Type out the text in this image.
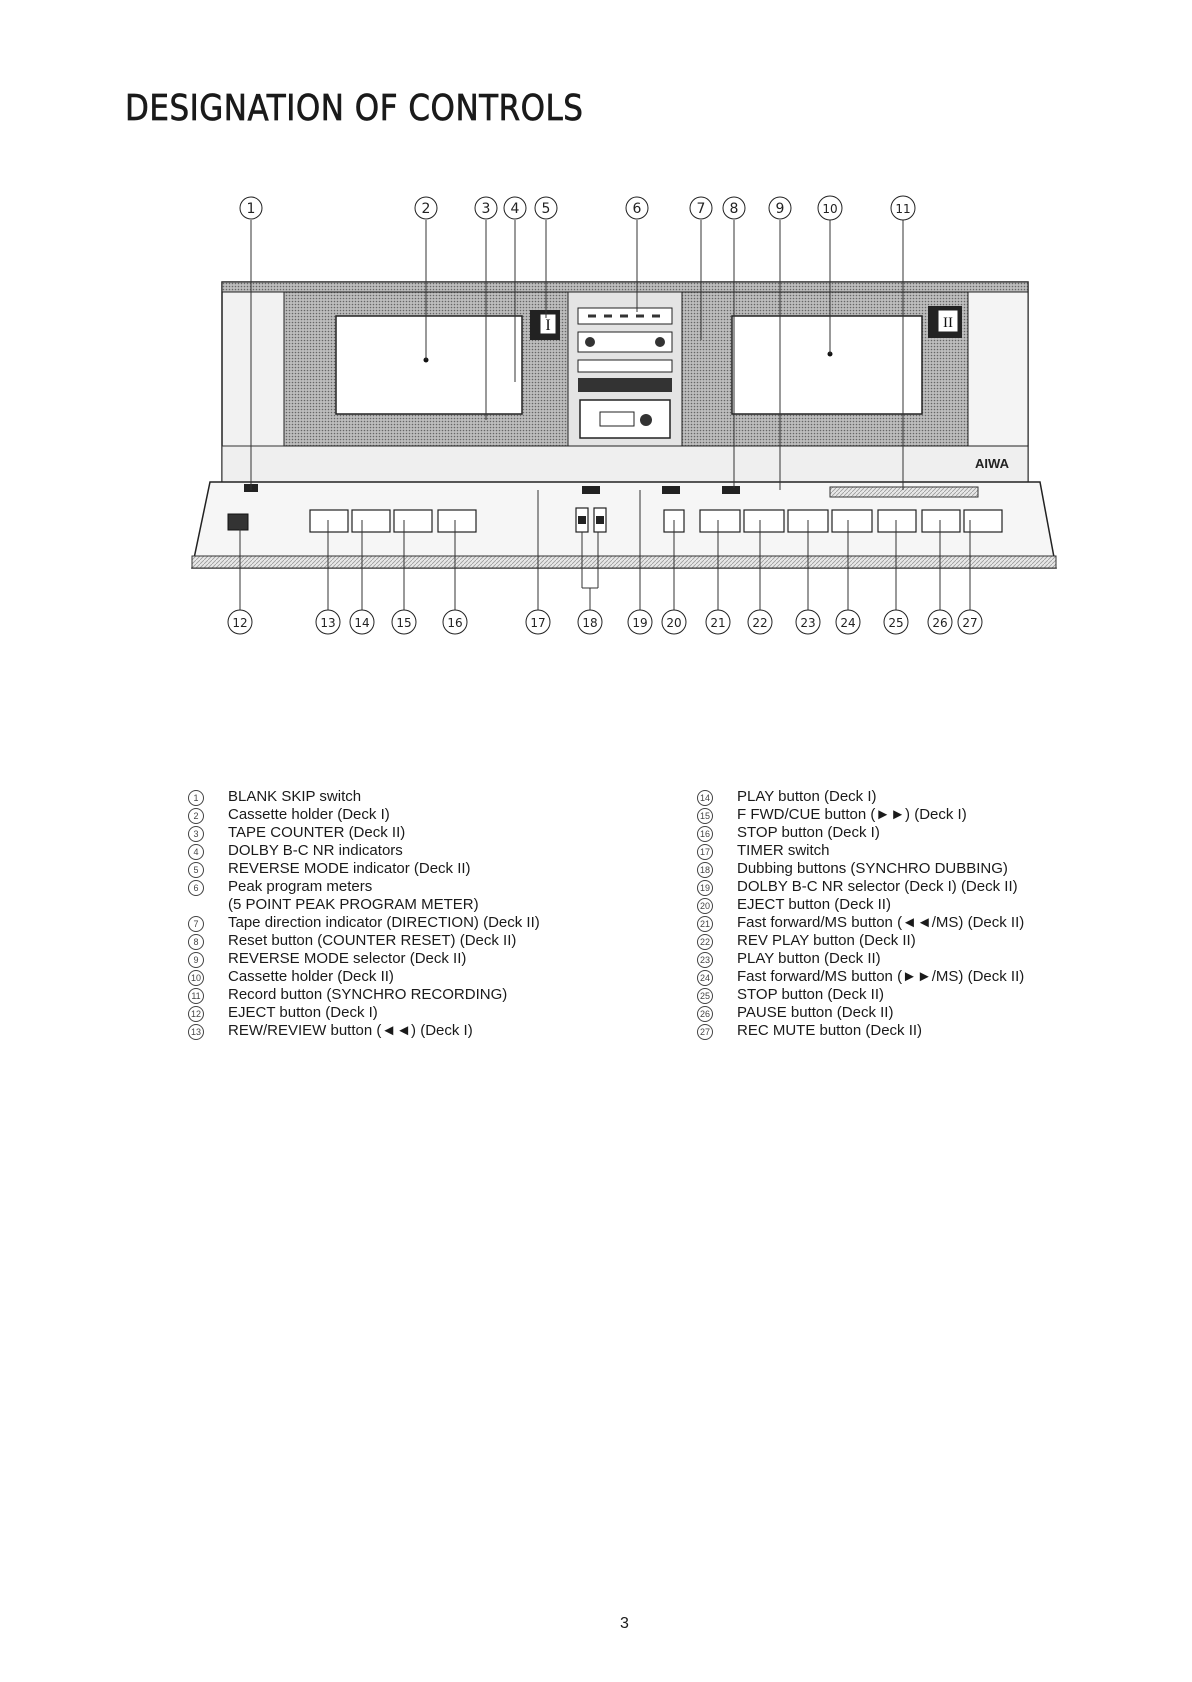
DESIGNATION OF CONTROLS
I	II
AIWA
1	2	3 4 5	6	7 8	9	10	11
12	13 14 15	16	17	18	19 20 21 22	23 24	25 26 27
1	BLANK SKIP switch
2	Cassette holder (Deck I)
3	TAPE COUNTER (Deck II)
4	DOLBY B-C NR indicators
5	REVERSE MODE indicator (Deck II)
6	Peak program meters
(5 POINT PEAK PROGRAM METER)
7	Tape direction indicator (DIRECTION) (Deck II)
8	Reset button (COUNTER RESET) (Deck II)
9	REVERSE MODE selector (Deck II)
10	Cassette holder (Deck II)
11	Record button (SYNCHRO RECORDING)
12	EJECT button (Deck I)
13	REW/REVIEW button (◄◄) (Deck I)
14	PLAY button (Deck I)
15	F FWD/CUE button (►►) (Deck I)
16	STOP button (Deck I)
17	TIMER switch
18	Dubbing buttons (SYNCHRO DUBBING)
19	DOLBY B-C NR selector (Deck I) (Deck II)
20	EJECT button (Deck II)
21	Fast forward/MS button (◄◄/MS) (Deck II)
22	REV PLAY button (Deck II)
23	PLAY button (Deck II)
24	Fast forward/MS button (►►/MS) (Deck II)
25	STOP button (Deck II)
26	PAUSE button (Deck II)
27	REC MUTE button (Deck II)
3
